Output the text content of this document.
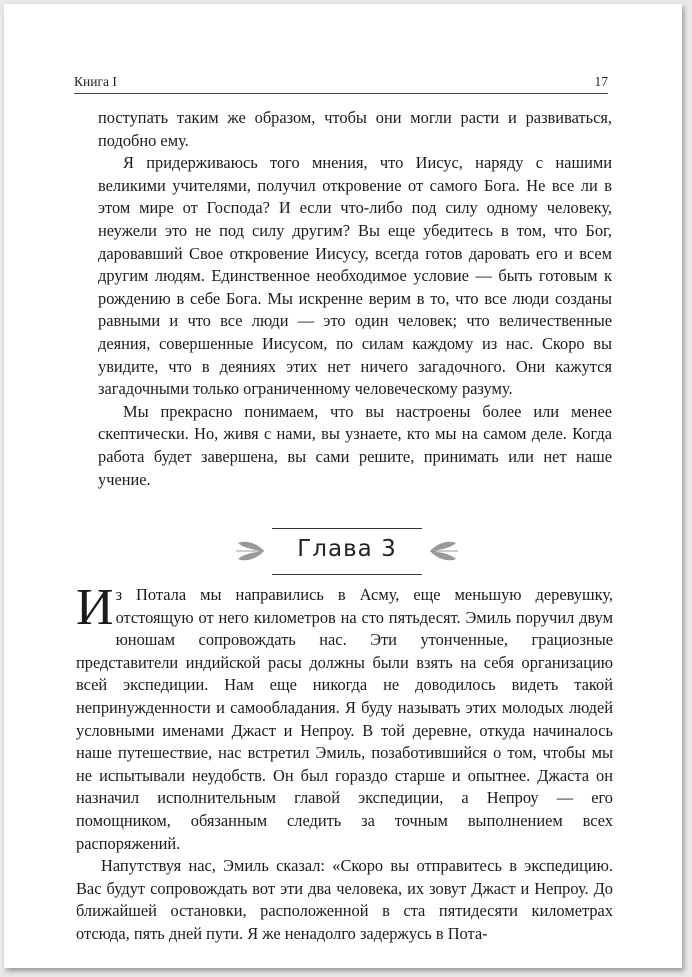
Книга I	17

поступать таким же образом, чтобы они могли расти и развиваться, подобно ему.

Я придерживаюсь того мнения, что Иисус, наряду с нашими великими учителями, получил откровение от самого Бога. Не все ли в этом мире от Господа? И если что-либо под силу одному человеку, неужели это не под силу другим? Вы еще убедитесь в том, что Бог, даровавший Свое откровение Иисусу, всегда готов даровать его и всем другим людям. Единственное необходимое условие — быть готовым к рождению в себе Бога. Мы искренне верим в то, что все люди созданы равными и что все люди — это один человек; что величественные деяния, совершенные Иисусом, по силам каждому из нас. Скоро вы увидите, что в деяниях этих нет ничего загадочного. Они кажутся загадочными только ограниченному человеческому разуму.

Мы прекрасно понимаем, что вы настроены более или менее скептически. Но, живя с нами, вы узнаете, кто мы на самом деле. Когда работа будет завершена, вы сами решите, принимать или нет наше учение.

Глава 3

Из Потала мы направились в Асму, еще меньшую деревушку, отстоящую от него километров на сто пятьдесят. Эмиль поручил двум юношам сопровождать нас. Эти утонченные, грациозные представители индийской расы должны были взять на себя организацию всей экспедиции. Нам еще никогда не доводилось видеть такой непринужденности и самообладания. Я буду называть этих молодых людей условными именами Джаст и Непроу. В той деревне, откуда начиналось наше путешествие, нас встретил Эмиль, позаботившийся о том, чтобы мы не испытывали неудобств. Он был гораздо старше и опытнее. Джаста он назначил исполнительным главой экспедиции, а Непроу — его помощником, обязанным следить за точным выполнением всех распоряжений.

Напутствуя нас, Эмиль сказал: «Скоро вы отправитесь в экспедицию. Вас будут сопровождать вот эти два человека, их зовут Джаст и Непроу. До ближайшей остановки, расположенной в ста пятидесяти километрах отсюда, пять дней пути. Я же ненадолго задержусь в Пота-
